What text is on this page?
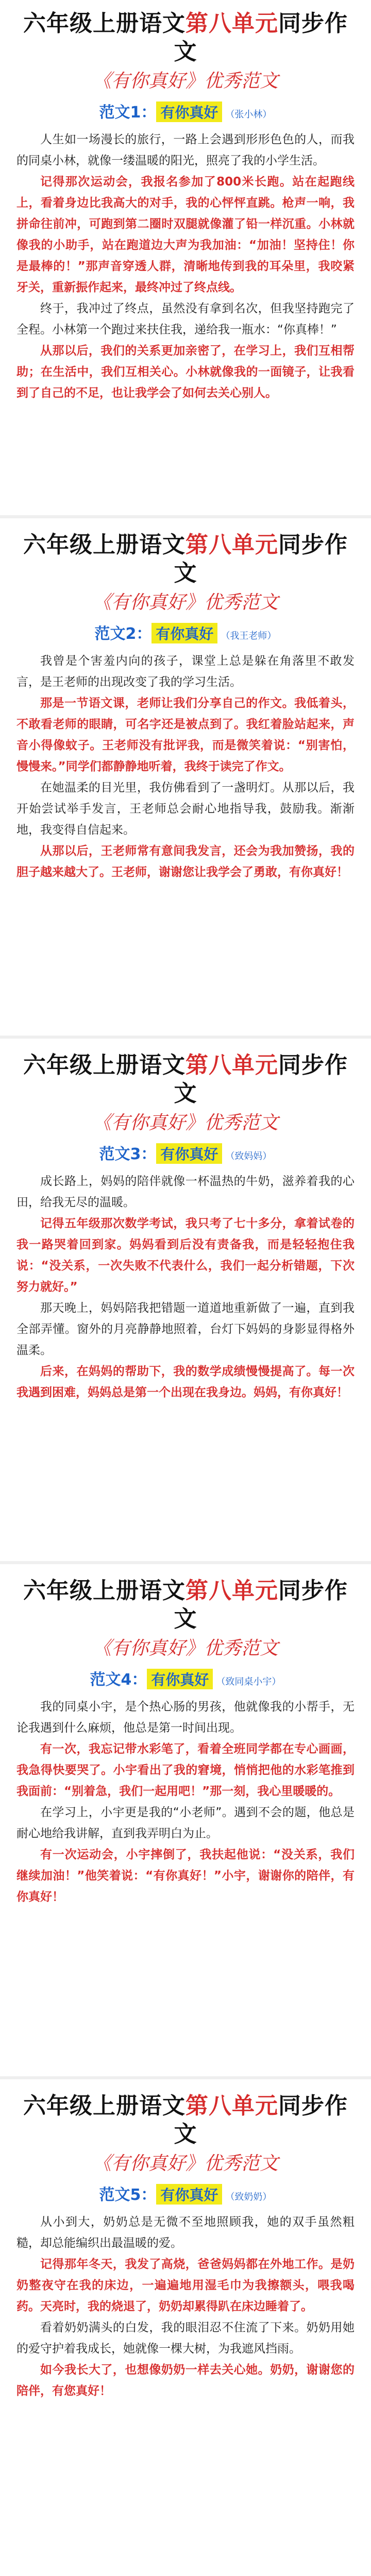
六年级上册语文第八单元同步作文
《有你真好》优秀范文
范文1： 有你真好 （张小林）

人生如一场漫长的旅行，一路上会遇到形形色色的人，而我的同桌小林，就像一缕温暖的阳光，照亮了我的小学生活。

记得那次运动会，我报名参加了800米长跑。站在起跑线上，看着身边比我高大的对手，我的心怦怦直跳。枪声一响，我拼命往前冲，可跑到第二圈时双腿就像灌了铅一样沉重。小林就像我的小助手，站在跑道边大声为我加油：“加油！坚持住！你是最棒的！”那声音穿透人群，清晰地传到我的耳朵里，我咬紧牙关，重新振作起来，最终冲过了终点线。

终于，我冲过了终点，虽然没有拿到名次，但我坚持跑完了全程。小林第一个跑过来扶住我，递给我一瓶水：“你真棒！”

从那以后，我们的关系更加亲密了，在学习上，我们互相帮助；在生活中，我们互相关心。小林就像我的一面镜子，让我看到了自己的不足，也让我学会了如何去关心别人。

六年级上册语文第八单元同步作文
《有你真好》优秀范文
范文2： 有你真好 （我王老师）

我曾是个害羞内向的孩子，课堂上总是躲在角落里不敢发言，是王老师的出现改变了我的学习生活。

那是一节语文课，老师让我们分享自己的作文。我低着头，不敢看老师的眼睛，可名字还是被点到了。我红着脸站起来，声音小得像蚊子。王老师没有批评我，而是微笑着说：“别害怕，慢慢来。”同学们都静静地听着，我终于读完了作文。

在她温柔的目光里，我仿佛看到了一盏明灯。从那以后，我开始尝试举手发言，王老师总会耐心地指导我，鼓励我。渐渐地，我变得自信起来。

从那以后，王老师常有意间我发言，还会为我加赞扬，我的胆子越来越大了。王老师，谢谢您让我学会了勇敢，有你真好！

六年级上册语文第八单元同步作文
《有你真好》优秀范文
范文3： 有你真好 （致妈妈）

成长路上，妈妈的陪伴就像一杯温热的牛奶，滋养着我的心田，给我无尽的温暖。

记得五年级那次数学考试，我只考了七十多分，拿着试卷的我一路哭着回到家。妈妈看到后没有责备我，而是轻轻抱住我说：“没关系，一次失败不代表什么，我们一起分析错题，下次努力就好。”

那天晚上，妈妈陪我把错题一道道地重新做了一遍，直到我全部弄懂。窗外的月亮静静地照着，台灯下妈妈的身影显得格外温柔。

后来，在妈妈的帮助下，我的数学成绩慢慢提高了。每一次我遇到困难，妈妈总是第一个出现在我身边。妈妈，有你真好！

六年级上册语文第八单元同步作文
《有你真好》优秀范文
范文4： 有你真好 （致同桌小宇）

我的同桌小宇，是个热心肠的男孩，他就像我的小帮手，无论我遇到什么麻烦，他总是第一时间出现。

有一次，我忘记带水彩笔了，看着全班同学都在专心画画，我急得快要哭了。小宇看出了我的窘境，悄悄把他的水彩笔推到我面前：“别着急，我们一起用吧！”那一刻，我心里暖暖的。

在学习上，小宇更是我的“小老师”。遇到不会的题，他总是耐心地给我讲解，直到我弄明白为止。

有一次运动会，小宇摔倒了，我扶起他说：“没关系，我们继续加油！”他笑着说：“有你真好！”小宇，谢谢你的陪伴，有你真好！

六年级上册语文第八单元同步作文
《有你真好》优秀范文
范文5： 有你真好 （致奶奶）

从小到大，奶奶总是无微不至地照顾我，她的双手虽然粗糙，却总能编织出最温暖的爱。

记得那年冬天，我发了高烧，爸爸妈妈都在外地工作。是奶奶整夜守在我的床边，一遍遍地用湿毛巾为我擦额头，喂我喝药。天亮时，我的烧退了，奶奶却累得趴在床边睡着了。

看着奶奶满头的白发，我的眼泪忍不住流了下来。奶奶用她的爱守护着我成长，她就像一棵大树，为我遮风挡雨。

如今我长大了，也想像奶奶一样去关心她。奶奶，谢谢您的陪伴，有您真好！
